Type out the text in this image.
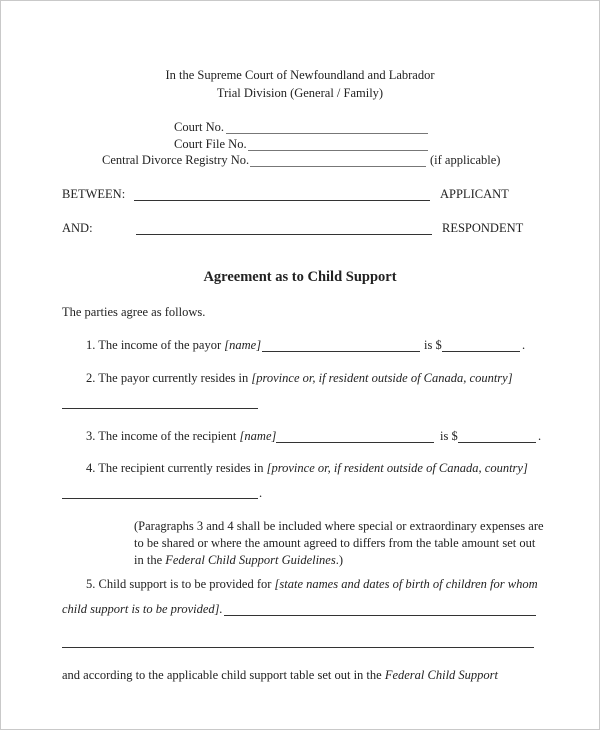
In the Supreme Court of Newfoundland and Labrador
Trial Division (General / Family)
Court No.
Court File No.
Central Divorce Registry No.	(if applicable)
BETWEEN:	APPLICANT
AND:	RESPONDENT
Agreement as to Child Support
The parties agree as follows.
1. The income of the payor [name]	is $	.
2. The payor currently resides in [province or, if resident outside of Canada, country]
3. The income of the recipient [name]	is $	.
4. The recipient currently resides in [province or, if resident outside of Canada, country]
.
(Paragraphs 3 and 4 shall be included where special or extraordinary expenses are
to be shared or where the amount agreed to differs from the table amount set out
in the Federal Child Support Guidelines.)
5. Child support is to be provided for [state names and dates of birth of children for whom
child support is to be provided].
and according to the applicable child support table set out in the Federal Child Support
